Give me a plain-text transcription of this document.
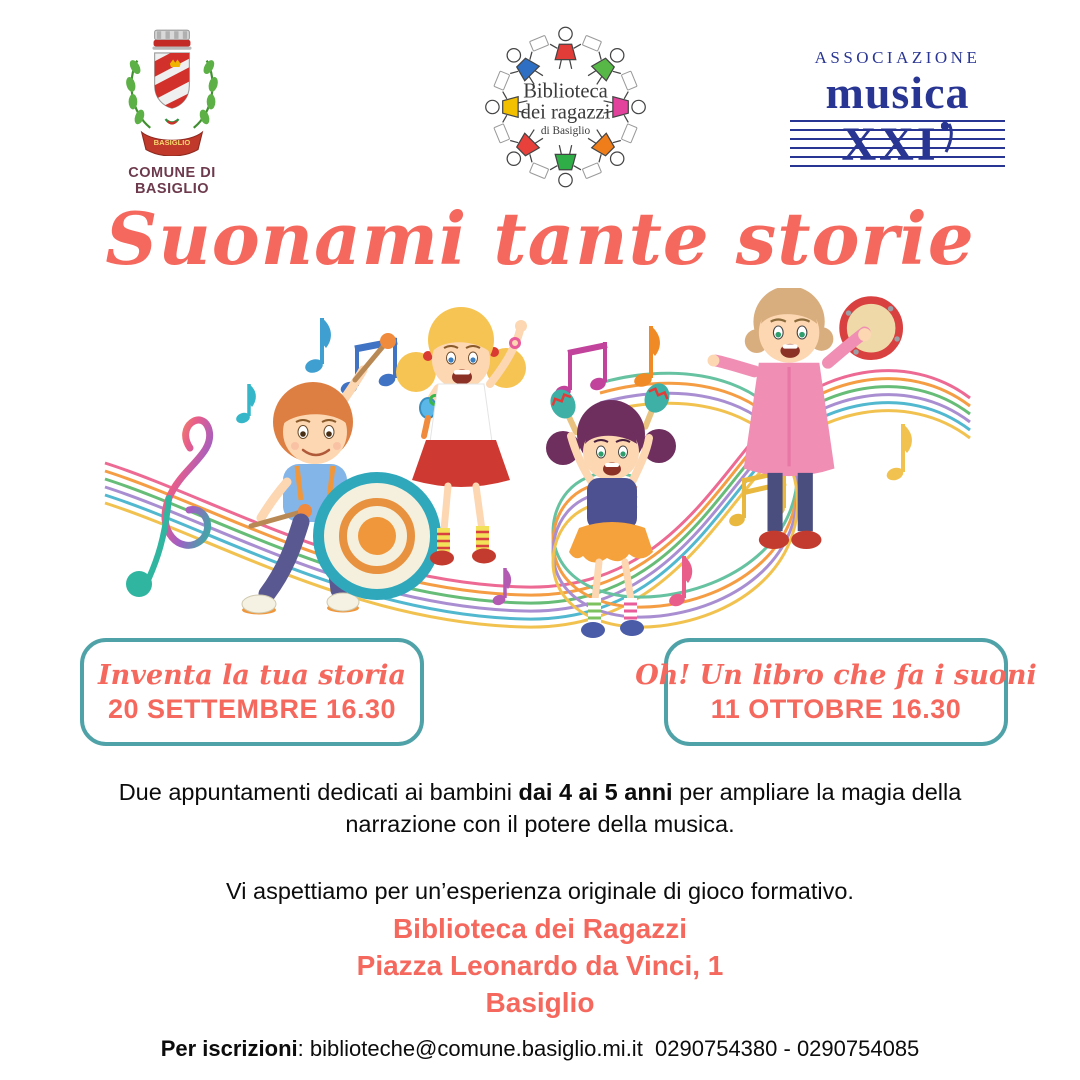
BASIGLIO
COMUNE DI BASIGLIO
Biblioteca
dei ragazzi
di Basiglio
ASSOCIAZIONE
musica
XXI
Suonami tante storie
Inventa la tua storia
20 SETTEMBRE 16.30
Oh! Un libro che fa i suoni
11 OTTOBRE 16.30
Due appuntamenti dedicati ai bambini dai 4 ai 5 anni per ampliare la magia della narrazione con il potere della musica.
Vi aspettiamo per un’esperienza originale di gioco formativo.
Biblioteca dei Ragazzi
Piazza Leonardo da Vinci, 1
Basiglio
Per iscrizioni: biblioteche@comune.basiglio.mi.it  0290754380 - 0290754085
